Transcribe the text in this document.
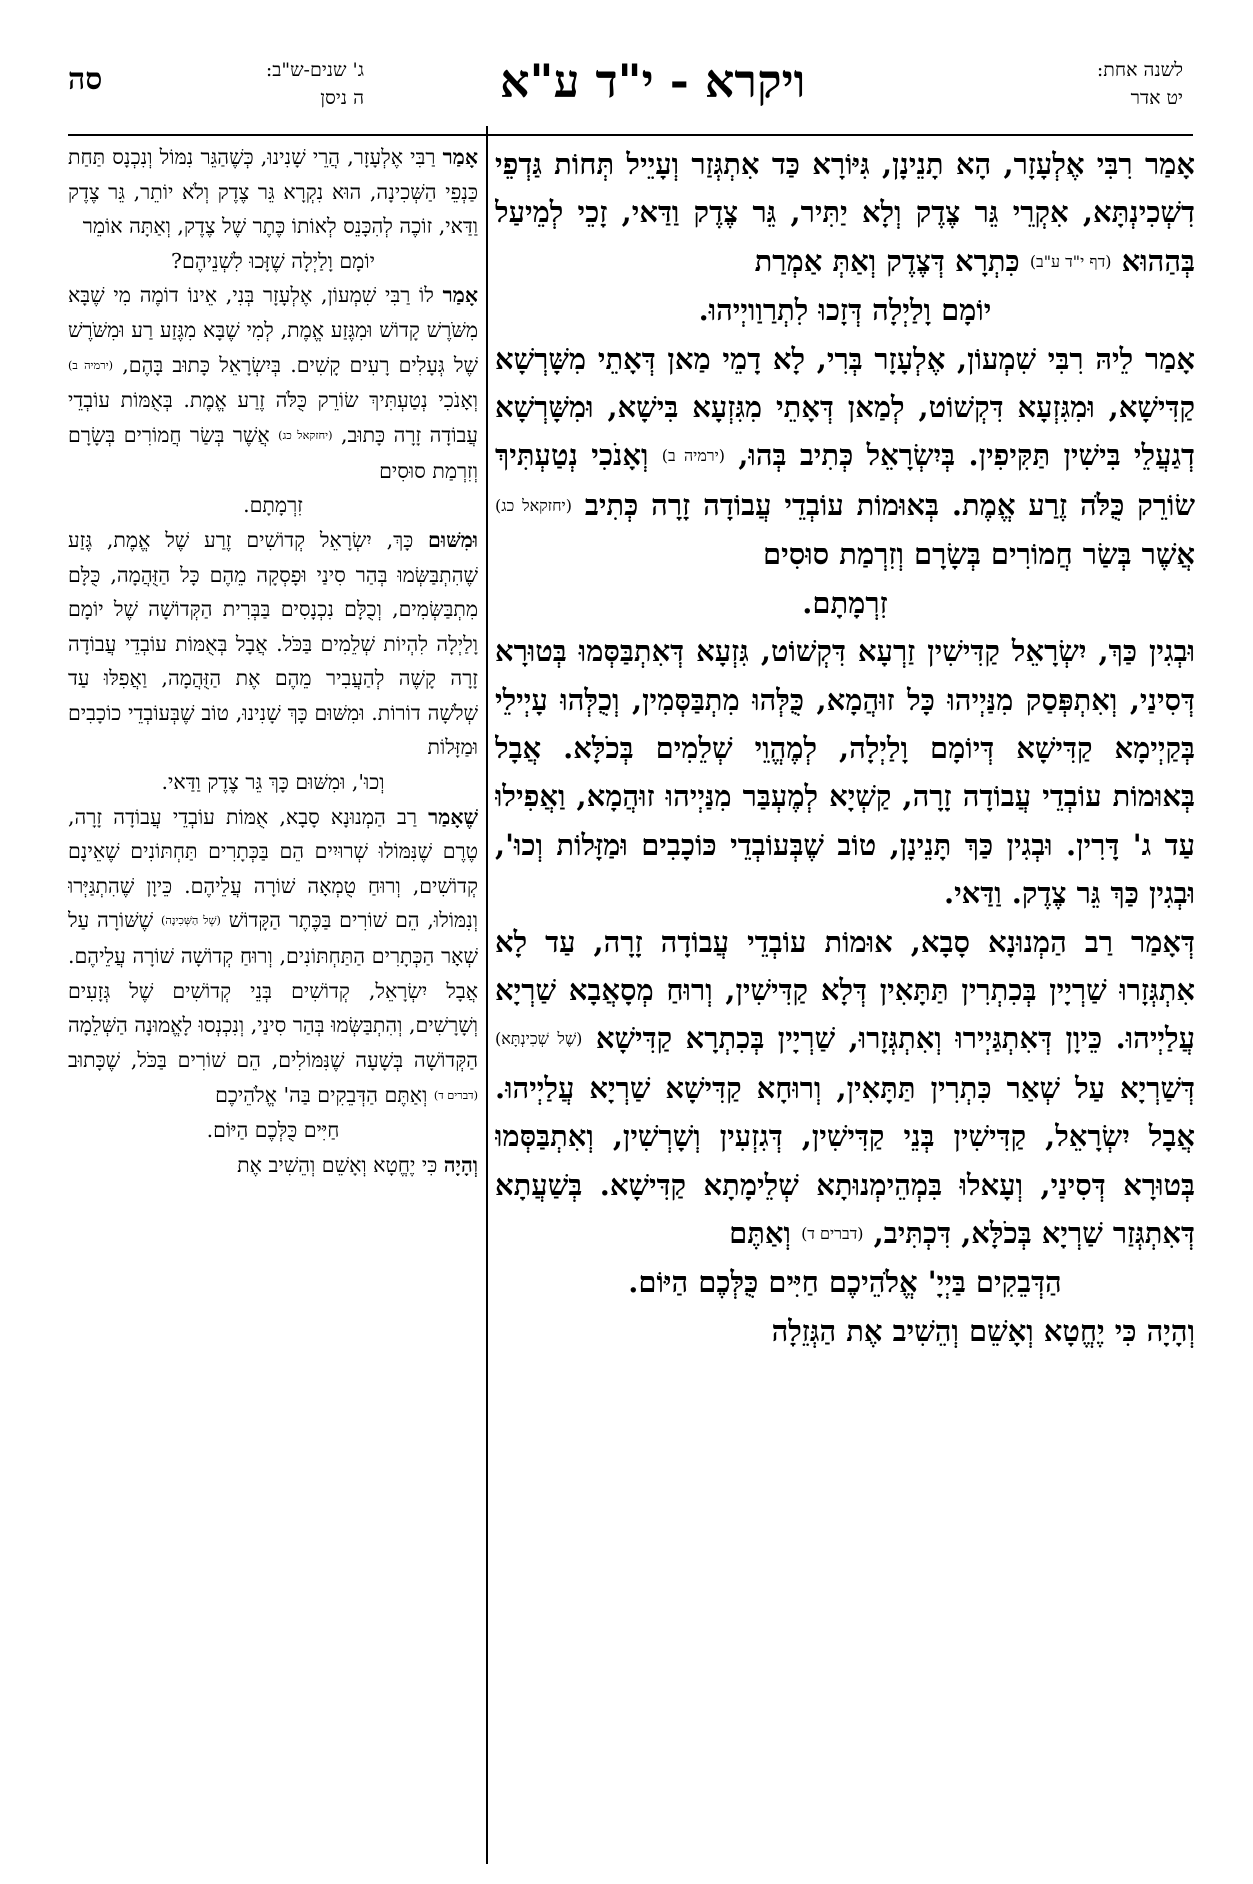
סה	ג' שנים-ש"ב:
ה ניסן	ויקרא - י"ד ע"א	לשנה אחת:
יט אדר

אָמַר רִבִּי אֶלְעָזָר, הָא תָנֵינָן, גִּיּוֹרָא כַּד אִתְגְּזַר וְעָיֵיל תְּחוֹת גַּדְפֵי דִשְׁכִינְתָּא, אִקְרֵי גֵּר צֶדֶק וְלָא יַתִּיר, גֵּר צֶדֶק וַדַּאי, זָכֵי לְמֵיעַל בְּהַהוּא (דף י"ד ע"ב) כִּתְרָא דְּצֶדֶק וְאַתְּ אַמְרַת

יוֹמָם וָלַיְלָה דְּזָכוּ לִתְרַוַויְיהוּ.

אָמַר לֵיהּ רִבִּי שִׁמְעוֹן, אֶלְעָזָר בְּרִי, לָא דָמֵי מַאן דְּאָתֵי מִשָּׁרְשָׁא קַדִּישָׁא, וּמִגִּזְעָא דִּקְשׁוֹט, לְמַאן דְּאָתֵי מִגִּזְעָא בִּישָׁא, וּמִשָּׁרְשָׁא דְגַעֲלֵי בִּישִׁין תַּקִּיפִין. בְּיִשְׂרָאֵל כְּתִיב בְּהוּ, (ירמיה ב) וְאָנֹכִי נְטַעְתִּיךְ שׂוֹרֵק כֻּלֹּה זֶרַע אֱמֶת. בְּאוּמוֹת עוֹבְדֵי עֲבוֹדָה זָרָה כְּתִיב (יחזקאל כג) אֲשֶׁר בְּשַׂר חֲמוֹרִים בְּשָׂרָם וְזִרְמַת סוּסִים

זִרְמָתָם.

וּבְגִין כַּךְ, יִשְׂרָאֵל קַדִּישִׁין זַרְעָא דִּקְשׁוֹט, גִּזְעָא דְּאִתְבַּסְּמוּ בְּטוּרָא דְּסִינַי, וְאִתְפְּסַק מִנַּיְיהוּ כָּל זוּהֲמָא, כֻּלְּהוּ מִתְבַּסְּמִין, וְכֻלְּהוּ עָיְילֵי בְּקַיְימָא קַדִּישָׁא דְּיוֹמָם וָלַיְלָה, לְמֶהֱוֵי שְׁלֵמִים בְּכֹלָּא. אֲבָל בְּאוּמוֹת עוֹבְדֵי עֲבוֹדָה זָרָה, קַשְׁיָא לְמֶעְבַּר מִנַּיְיהוּ זוּהֲמָא, וַאֲפִילוּ עַד ג' דָּרִין. וּבְגִין כַּךְ תָּנֵינָן, טוֹב שֶׁבְּעוֹבְדֵי כּוֹכָבִים וּמַזָּלוֹת וְכוּ', וּבְגִין כַּךְ גֵּר צֶדֶק. וַדַּאי.

דְּאָמַר רַב הַמְנוּנָא סָבָא, אוּמוֹת עוֹבְדֵי עֲבוֹדָה זָרָה, עַד לָא אִתְגְּזָרוּ שַׁרְיָין בְּכִתְרִין תַּתָּאִין דְּלָא קַדִּישִׁין, וְרוּחַ מְסָאֲבָא שַׁרְיָא עֲלַיְיהוּ. כֵּיוָן דְּאִתְגַּיְירוּ וְאִתְגְּזָרוּ, שַׁרְיָין בְּכִתְרָא קַדִּישָׁא (שֶׁל שְׁכִינְתָּא) דְּשַׁרְיָא עַל שְׁאַר כִּתְרִין תַּתָּאִין, וְרוּחָא קַדִּישָׁא שַׁרְיָא עֲלַיְיהוּ. אֲבָל יִשְׂרָאֵל, קַדִּישִׁין בְּנֵי קַדִּישִׁין, דְּגִזְעִין וְשָׁרְשִׁין, וְאִתְבַּסְּמוּ בְּטוּרָא דְּסִינַי, וְעָאלוּ בִּמְהֵימְנוּתָא שְׁלֵימָתָא קַדִּישָׁא. בְּשַׁעֲתָא דְּאִתְגְּזַר שַׁרְיָא בְּכֹלָּא, דִּכְתִּיב, (דברים ד) וְאַתֶּם

הַדְּבֵקִים בַּיְיָ' אֱלֹהֵיכֶם חַיִּים כֻּלְּכֶם הַיּוֹם.

וְהָיָה כִּי יֶחֱטָא וְאָשֵׁם וְהֵשִׁיב אֶת הַגְּזֵלָה

אָמַר רַבִּי אֶלְעָזָר, הֲרֵי שָׁנִינוּ, כְּשֶׁהַגֵּר נִמּוֹל וְנִכְנָס תַּחַת כַּנְפֵי הַשְּׁכִינָה, הוּא נִקְרָא גֵּר צֶדֶק וְלֹא יוֹתֵר, גֵּר צֶדֶק וַדַּאי, זוֹכֶה לְהִכָּנֵס לְאוֹתוֹ כֶּתֶר שֶׁל צֶדֶק, וְאַתָּה אוֹמֵר

יוֹמָם וָלַיְלָה שֶׁזָּכוּ לִשְׁנֵיהֶם?

אָמַר לוֹ רַבִּי שִׁמְעוֹן, אֶלְעָזָר בְּנִי, אֵינוֹ דוֹמֶה מִי שֶׁבָּא מִשֹּׁרֶשׁ קָדוֹשׁ וּמִגֶּזַע אֱמֶת, לְמִי שֶׁבָּא מִגֶּזַע רַע וּמִשֹּׁרֶשׁ שֶׁל גְּעָלִים רָעִים קָשִׁים. בְּיִשְׂרָאֵל כָּתוּב בָּהֶם, (ירמיה ב) וְאָנֹכִי נְטַעְתִּיךְ שׂוֹרֵק כֻּלֹּה זֶרַע אֱמֶת. בְּאֻמּוֹת עוֹבְדֵי עֲבוֹדָה זָרָה כָּתוּב, (יחזקאל כג) אֲשֶׁר בְּשַׂר חֲמוֹרִים בְּשָׂרָם וְזִרְמַת סוּסִים

זִרְמָתָם.

וּמִשּׁוּם כָּךְ, יִשְׂרָאֵל קְדוֹשִׁים זֶרַע שֶׁל אֱמֶת, גֶּזַע שֶׁהִתְבַּשְּׂמוּ בְּהַר סִינַי וּפָסְקָה מֵהֶם כָּל הַזֻּהֲמָה, כֻּלָּם מִתְבַּשְּׂמִים, וְכֻלָּם נִכְנָסִים בַּבְּרִית הַקְּדוֹשָׁה שֶׁל יוֹמָם וָלַיְלָה לִהְיוֹת שְׁלֵמִים בַּכֹּל. אֲבָל בְּאֻמּוֹת עוֹבְדֵי עֲבוֹדָה זָרָה קָשֶׁה לְהַעֲבִיר מֵהֶם אֶת הַזֻּהֲמָה, וַאֲפִלּוּ עַד שְׁלֹשָׁה דוֹרוֹת. וּמִשּׁוּם כָּךְ שָׁנִינוּ, טוֹב שֶׁבְּעוֹבְדֵי כוֹכָבִים וּמַזָּלוֹת

וְכוּ', וּמִשּׁוּם כָּךְ גֵּר צֶדֶק וַדַּאי.

שֶׁאָמַר רַב הַמְנוּנָא סָבָא, אֻמּוֹת עוֹבְדֵי עֲבוֹדָה זָרָה, טֶרֶם שֶׁנִּמּוֹלוּ שְׁרוּיִים הֵם בַּכְּתָרִים תַּחְתּוֹנִים שֶׁאֵינָם קְדוֹשִׁים, וְרוּחַ טֻמְאָה שׁוֹרָה עֲלֵיהֶם. כֵּיוָן שֶׁהִתְגַּיְּרוּ וְנִמּוֹלוּ, הֵם שׁוֹרִים בַּכֶּתֶר הַקָּדוֹשׁ (שֶׁל הַשְּׁכִינָה) שֶׁשּׁוֹרָה עַל שְׁאָר הַכְּתָרִים הַתַּחְתּוֹנִים, וְרוּחַ קְדוֹשָׁה שׁוֹרָה עֲלֵיהֶם. אֲבָל יִשְׂרָאֵל, קְדוֹשִׁים בְּנֵי קְדוֹשִׁים שֶׁל גְּזָעִים וְשָׁרָשִׁים, וְהִתְבַּשְּׂמוּ בְּהַר סִינַי, וְנִכְנְסוּ לָאֱמוּנָה הַשְּׁלֵמָה הַקְּדוֹשָׁה בְּשָׁעָה שֶׁנִּמּוֹלִים, הֵם שׁוֹרִים בַּכֹּל, שֶׁכָּתוּב (דברים ד) וְאַתֶּם הַדְּבֵקִים בַּה' אֱלֹהֵיכֶם

חַיִּים כֻּלְּכֶם הַיּוֹם.

וְהָיָה כִּי יֶחֱטָא וְאָשֵׁם וְהֵשִׁיב אֶת
